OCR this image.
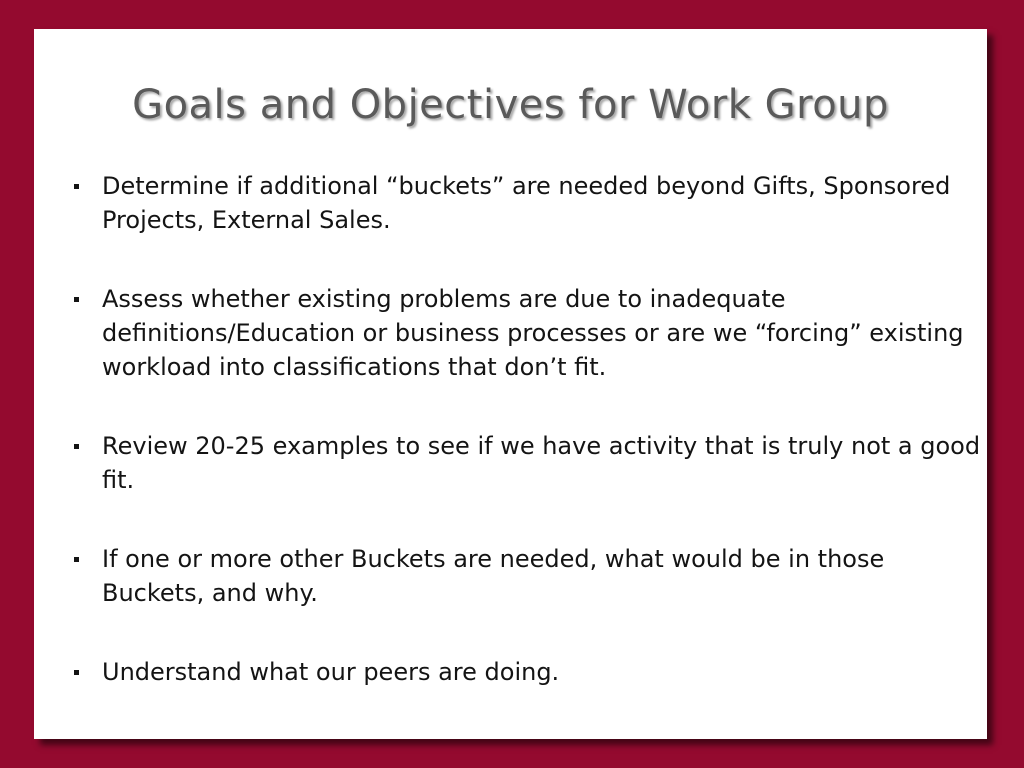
Goals and Objectives for Work Group
Determine if additional “buckets” are needed beyond Gifts, Sponsored Projects, External Sales.
Assess whether existing problems are due to inadequate definitions/Education or business processes or are we “forcing” existing workload into classifications that don’t fit.
Review 20-25 examples to see if we have activity that is truly not a good fit.
If one or more other Buckets are needed, what would be in those Buckets, and why.
Understand what our peers are doing.
